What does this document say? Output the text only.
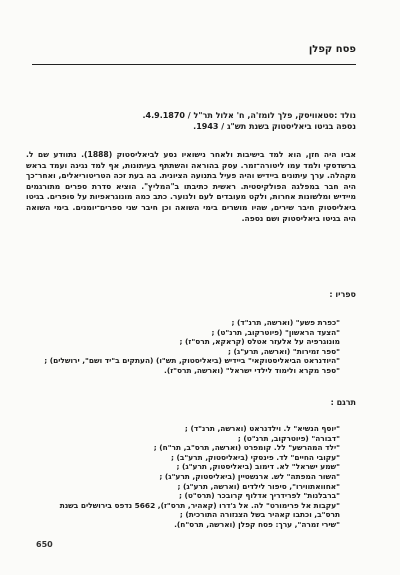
פסח קפלן
נולד :סטאוויסק, פלך לומז'ה, ח' אלול תר"ל / 4.9.1870.
נספה בגיטו ביאליסטוק בשנת תש"ג / 1943.

אביו היה חזן, הוא למד בישיבות ולאחר נישואיו נסע לביאליסטוק (1888). נתוודע שם ל. ברשדסקי ולמד עמו ליטורה־זמר. עסק בהוראה והשתתף בעיתונות, אף למד נגינה ועמד בראש מקהלה. ערך עיתונים ביידיש והיה פעיל בתנועה הציונית. בה בעת זכה הטריטוריאלים, ואחר־כך היה חבר במפלגה הפולקיסטית. ראשית כתיבתו ב"המליץ". הוציא סדרת ספרים מתורגמים מיידיש ומלשונות אחרות, ולקט מעובדים לעם ולנוער. כתב כמה מונוגראפיות על סופרים. בגיטו ביאליסטוק חיבר שירים, שהיו מושרים בימי השואה וכן חיבר שני ספרים־יומנים. בימי השואה היה בגיטו ביאליסטוק ושם נספה.

ספריו :
"כפרת פשע" (וארשה, תרנ"ד) ;
"הצעד הראשון" (פיוטרקוב, תרנ"ט) ;
מונוגרפיה על אלעזר אטלס (קראקא, תרס"ז) ;
"ספר זמירות" (וארשה, תרע"ג) ;
"היודנראט הביאליסטוקאי" ביידיש (ביאליסטוק, תש"ו) (העתקים ב"יד ושם", ירושלים) ;
"ספר מקרא ולימוד לילדי ישראל" (וארשה, תרס"ז).
תרגם :
"יוסף הנשיא" ל. וילדנראט (וארשה, תרנ"ד) ;
"דבורה" (פיוטרקוב, תרנ"ט) ;
"ילד המהרשע" לל. קומפרט (וארשה, תרס"ב, תר"ח) ;
"עקובי החיים" לד. פינסקי (ביאליסטוק, תרע"ב) ;
"שמע ישראל" לא. דימוב (ביאליסטוק, תרע"ג) ;
"השור המפתה" לש. ארנשטיין (ביאליסטוק, תרע"ג) ;
"אחוואתווירו", סיפור לילדים (וארשה, תרע"ג) ;
"ברבלנות" לפרידריך אדלוף קרובכר (תרס"ט) ;
"עקבות אל פרימורט" לה. אל ג'דרו (קאהיר, תרס"ז), 5662 נדפס בירושלים בשנת
תרס"ב, וכתבו קאהיר בשל הצנזורה התורכית) ;
"שירי זמרה", ערך: פסח קפלן (וארשה, תרס"ח).
650
